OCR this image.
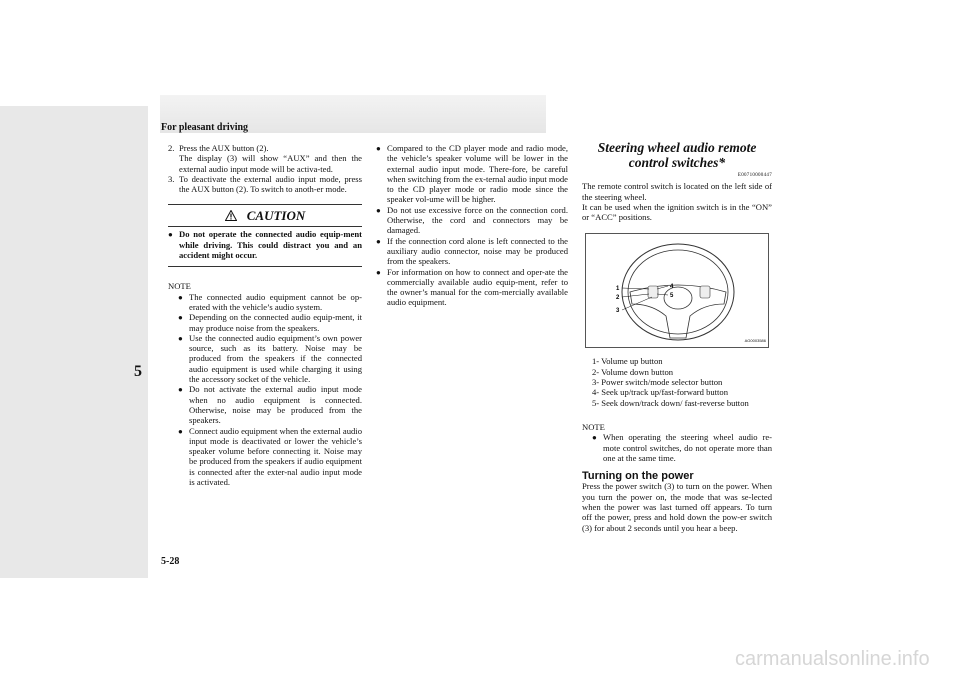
5
For pleasant driving
5-28
2. Press the AUX button (2).
The display (3) will show “AUX” and then the external audio input mode will be activa-ted.
3. To deactivate the external audio input mode, press the AUX button (2). To switch to anoth-er mode.
CAUTION
● Do not operate the connected audio equip-ment while driving. This could distract you and an accident might occur.
NOTE
● The connected audio equipment cannot be op-erated with the vehicle’s audio system.
● Depending on the connected audio equip-ment, it may produce noise from the speakers.
● Use the connected audio equipment’s own power source, such as its battery. Noise may be produced from the speakers if the connected audio equipment is used while charging it using the accessory socket of the vehicle.
● Do not activate the external audio input mode when no audio equipment is connected. Otherwise, noise may be produced from the speakers.
● Connect audio equipment when the external audio input mode is deactivated or lower the vehicle’s speaker volume before connecting it. Noise may be produced from the speakers if audio equipment is connected after the exter-nal audio input mode is activated.
● Compared to the CD player mode and radio mode, the vehicle’s speaker volume will be lower in the external audio input mode. There-fore, be careful when switching from the ex-ternal audio input mode to the CD player mode or radio mode since the speaker vol-ume will be higher.
● Do not use excessive force on the connection cord. Otherwise, the cord and connectors may be damaged.
● If the connection cord alone is left connected to the auxiliary audio connector, noise may be produced from the speakers.
● For information on how to connect and oper-ate the commercially available audio equip-ment, refer to the owner’s manual for the com-mercially available audio equipment.
Steering wheel audio remote
control switches*
E00710000447
The remote control switch is located on the left side of the steering wheel.
It can be used when the ignition switch is in the “ON” or “ACC” positions.
1
2
3
4
5
AG0003586
1- Volume up button
2- Volume down button
3- Power switch/mode selector button
4- Seek up/track up/fast-forward button
5- Seek down/track down/ fast-reverse button
NOTE
● When operating the steering wheel audio re-mote control switches, do not operate more than one at the same time.
Turning on the power
Press the power switch (3) to turn on the power. When you turn the power on, the mode that was se-lected when the power was last turned off appears. To turn off the power, press and hold down the pow-er switch (3) for about 2 seconds until you hear a beep.
carmanualsonline.info
